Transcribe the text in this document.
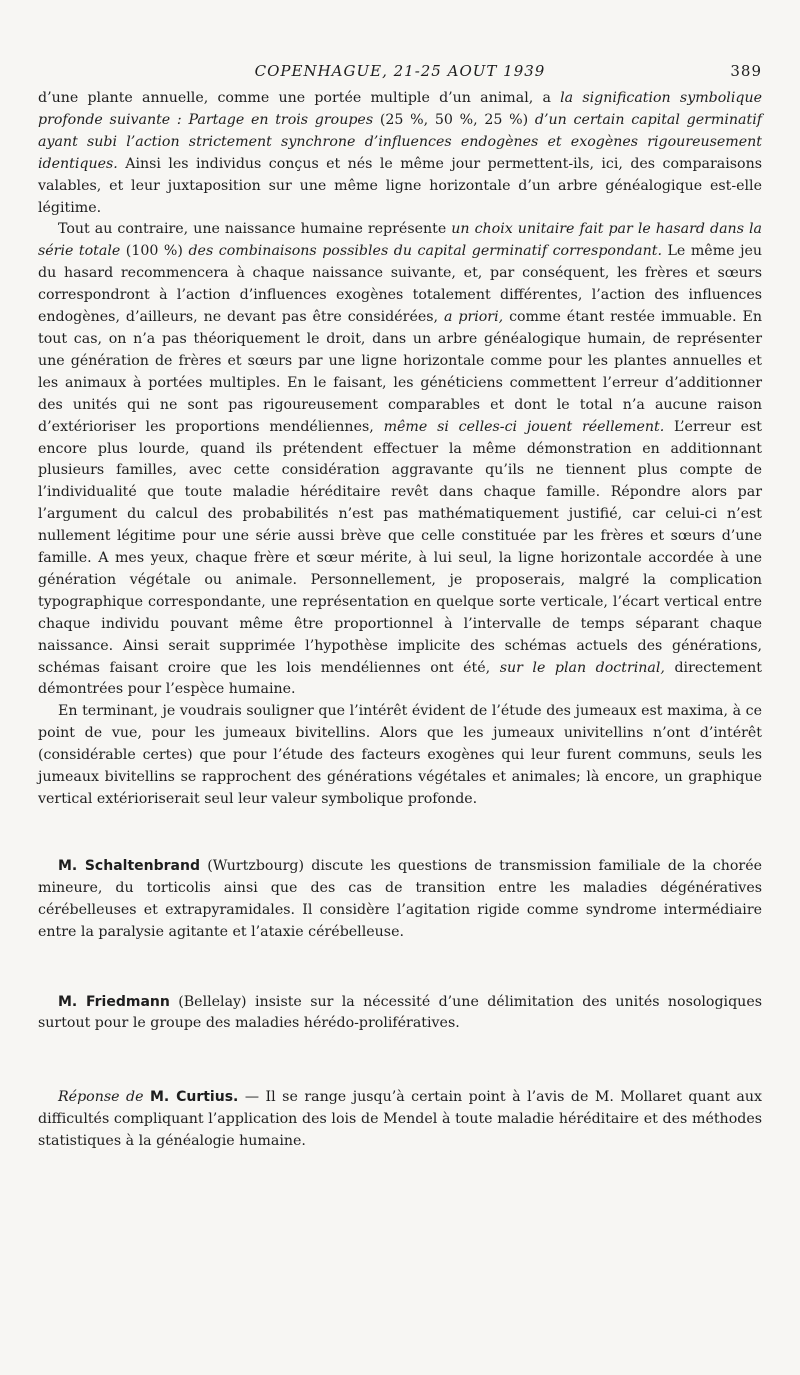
COPENHAGUE, 21-25 AOUT 1939	389

d’une plante annuelle, comme une portée multiple d’un animal, a la signification symbolique profonde suivante : Partage en trois groupes (25 %, 50 %, 25 %) d’un certain capital germinatif ayant subi l’action strictement synchrone d’influences endogènes et exogènes rigoureusement identiques. Ainsi les individus conçus et nés le même jour permettent-ils, ici, des comparaisons valables, et leur juxtaposition sur une même ligne horizontale d’un arbre généalogique est-elle légitime.

Tout au contraire, une naissance humaine représente un choix unitaire fait par le hasard dans la série totale (100 %) des combinaisons possibles du capital germinatif correspondant. Le même jeu du hasard recommencera à chaque naissance suivante, et, par conséquent, les frères et sœurs correspondront à l’action d’influences exogènes totalement différentes, l’action des influences endogènes, d’ailleurs, ne devant pas être considérées, a priori, comme étant restée immuable. En tout cas, on n’a pas théoriquement le droit, dans un arbre généalogique humain, de représenter une génération de frères et sœurs par une ligne horizontale comme pour les plantes annuelles et les animaux à portées multiples. En le faisant, les généticiens commettent l’erreur d’additionner des unités qui ne sont pas rigoureusement comparables et dont le total n’a aucune raison d’extérioriser les proportions mendéliennes, même si celles-ci jouent réellement. L’erreur est encore plus lourde, quand ils prétendent effectuer la même démonstration en additionnant plusieurs familles, avec cette considération aggravante qu’ils ne tiennent plus compte de l’individualité que toute maladie héréditaire revêt dans chaque famille. Répondre alors par l’argument du calcul des probabilités n’est pas mathématiquement justifié, car celui-ci n’est nullement légitime pour une série aussi brève que celle constituée par les frères et sœurs d’une famille. A mes yeux, chaque frère et sœur mérite, à lui seul, la ligne horizontale accordée à une génération végétale ou animale. Personnellement, je proposerais, malgré la complication typographique correspondante, une représentation en quelque sorte verticale, l’écart vertical entre chaque individu pouvant même être proportionnel à l’intervalle de temps séparant chaque naissance. Ainsi serait supprimée l’hypothèse implicite des schémas actuels des générations, schémas faisant croire que les lois mendéliennes ont été, sur le plan doctrinal, directement démontrées pour l’espèce humaine.

En terminant, je voudrais souligner que l’intérêt évident de l’étude des jumeaux est maxima, à ce point de vue, pour les jumeaux bivitellins. Alors que les jumeaux univitellins n’ont d’intérêt (considérable certes) que pour l’étude des facteurs exogènes qui leur furent communs, seuls les jumeaux bivitellins se rapprochent des générations végétales et animales; là encore, un graphique vertical extérioriserait seul leur valeur symbolique profonde.

M. Schaltenbrand (Wurtzbourg) discute les questions de transmission familiale de la chorée mineure, du torticolis ainsi que des cas de transition entre les maladies dégénératives cérébelleuses et extrapyramidales. Il considère l’agitation rigide comme syndrome intermédiaire entre la paralysie agitante et l’ataxie cérébelleuse.

M. Friedmann (Bellelay) insiste sur la nécessité d’une délimitation des unités nosologiques surtout pour le groupe des maladies hérédo-prolifératives.

Réponse de M. Curtius. — Il se range jusqu’à certain point à l’avis de M. Mollaret quant aux difficultés compliquant l’application des lois de Mendel à toute maladie héréditaire et des méthodes statistiques à la généalogie humaine.
